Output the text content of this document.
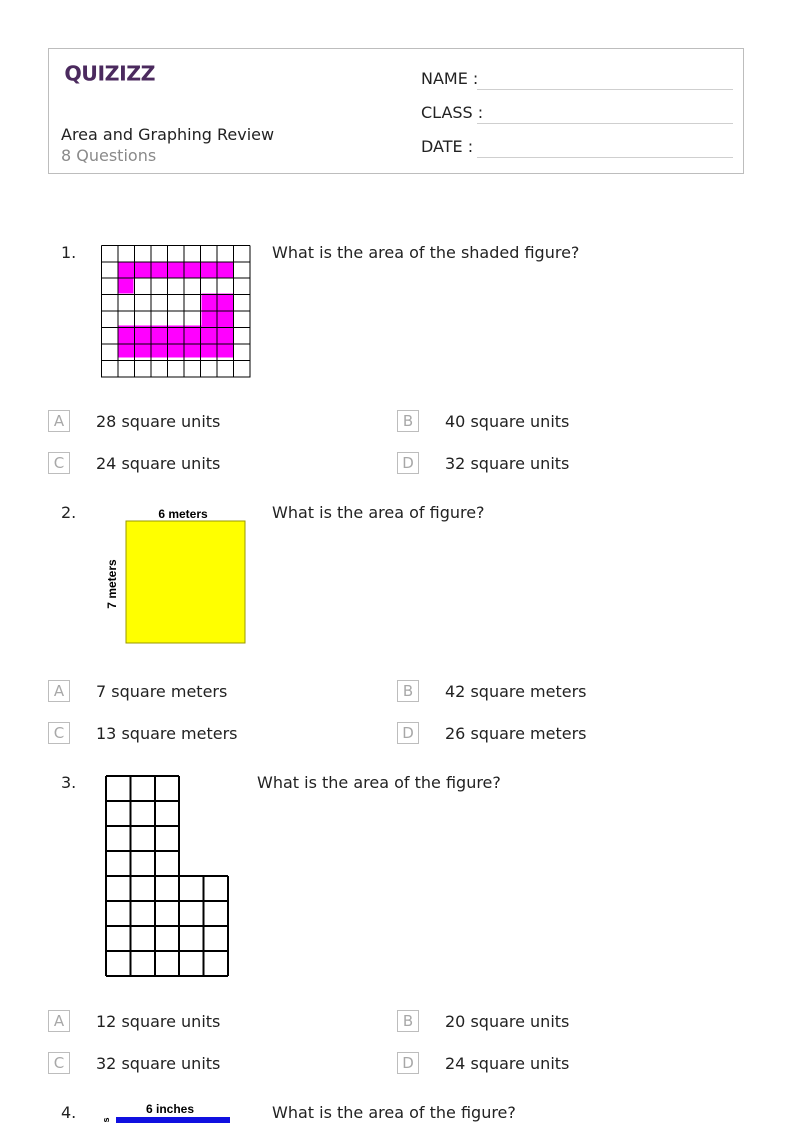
QUIZIZZ
Area and Graphing Review
8 Questions
NAME :
CLASS :
DATE :
1.	What is the area of the shaded figure?
A	28 square units	B	40 square units
C	24 square units	D	32 square units
2.	6 meters
7 meters
What is the area of figure?
A	7 square meters	B	42 square meters
C	13 square meters	D	26 square meters
3.	What is the area of the figure?
A	12 square units	B	20 square units
C	32 square units	D	24 square units
4.	6 inches
s	What is the area of the figure?
